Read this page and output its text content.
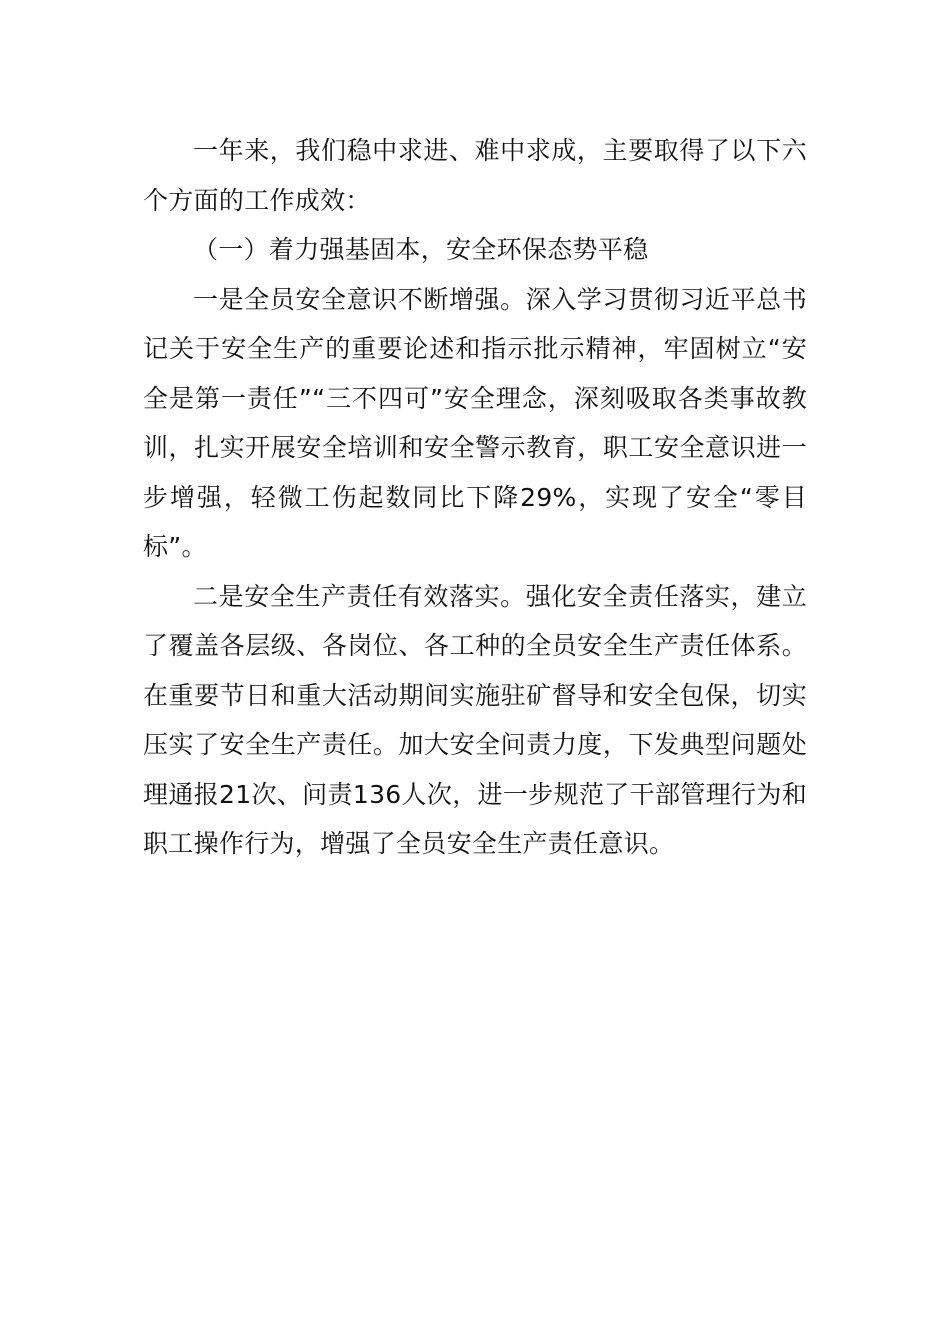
一年来，我们稳中求进、难中求成，主要取得了以下六个方面的工作成效：

（一）着力强基固本，安全环保态势平稳

一是全员安全意识不断增强。深入学习贯彻习近平总书记关于安全生产的重要论述和指示批示精神，牢固树立“安全是第一责任”“三不四可”安全理念，深刻吸取各类事故教训，扎实开展安全培训和安全警示教育，职工安全意识进一步增强，轻微工伤起数同比下降29%，实现了安全“零目标”。

二是安全生产责任有效落实。强化安全责任落实，建立了覆盖各层级、各岗位、各工种的全员安全生产责任体系。在重要节日和重大活动期间实施驻矿督导和安全包保，切实压实了安全生产责任。加大安全问责力度，下发典型问题处理通报21次、问责136人次，进一步规范了干部管理行为和职工操作行为，增强了全员安全生产责任意识。
